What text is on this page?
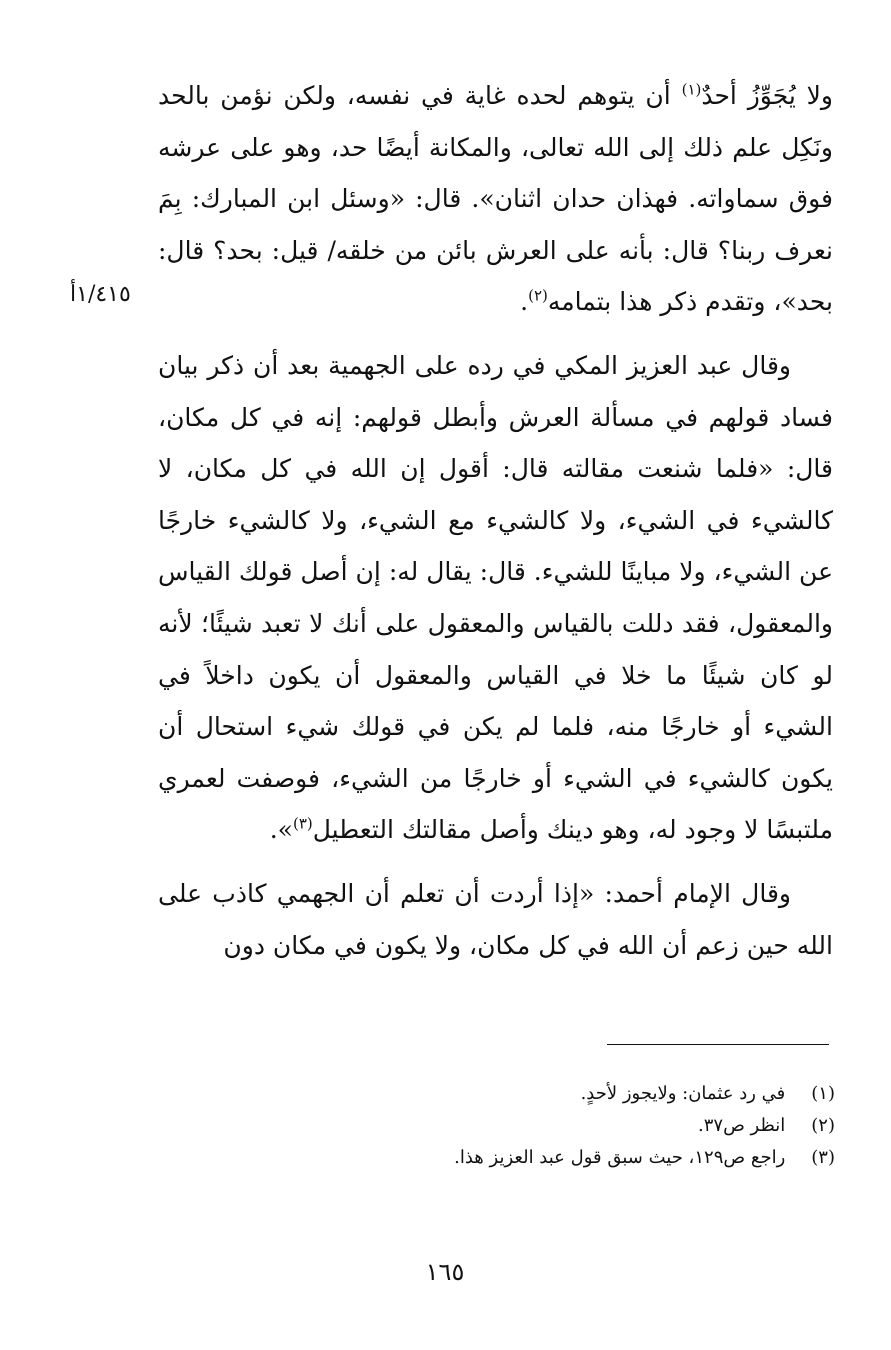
ولا يُجَوِّزُ أحدٌ$^{(١)}$ أن يتوهم لحده غاية في نفسه، ولكن نؤمن بالحد ونَكِل علم ذلك إلى الله تعالى، والمكانة أيضًا حد، وهو على عرشه فوق سماواته. فهذان حدان اثنان». قال: «وسئل ابن المبارك: بِمَ نعرف ربنا؟ قال: بأنه على العرش بائن من خلقه/ قيل: بحد؟ قال: بحد»، وتقدم ذكر هذا بتمامه$^{(٢)}$.

وقال عبد العزيز المكي في رده على الجهمية بعد أن ذكر بيان فساد قولهم في مسألة العرش وأبطل قولهم: إنه في كل مكان، قال: «فلما شنعت مقالته قال: أقول إن الله في كل مكان، لا كالشيء في الشيء، ولا كالشيء مع الشيء، ولا كالشيء خارجًا عن الشيء، ولا مباينًا للشيء. قال: يقال له: إن أصل قولك القياس والمعقول، فقد دللت بالقياس والمعقول على أنك لا تعبد شيئًا؛ لأنه لو كان شيئًا ما خلا في القياس والمعقول أن يكون داخلاً في الشيء أو خارجًا منه، فلما لم يكن في قولك شيء استحال أن يكون كالشيء في الشيء أو خارجًا من الشيء، فوصفت لعمري ملتبسًا لا وجود له، وهو دينك وأصل مقالتك التعطيل$^{(٣)}$».

وقال الإمام أحمد: «إذا أردت أن تعلم أن الجهمي كاذب على الله حين زعم أن الله في كل مكان، ولا يكون في مكان دون

١/٤١٥أ
(١) في رد عثمان: ولايجوز لأحدٍ.
(٢) انظر ص٣٧.
(٣) راجع ص١٢٩، حيث سبق قول عبد العزيز هذا.
١٦٥
